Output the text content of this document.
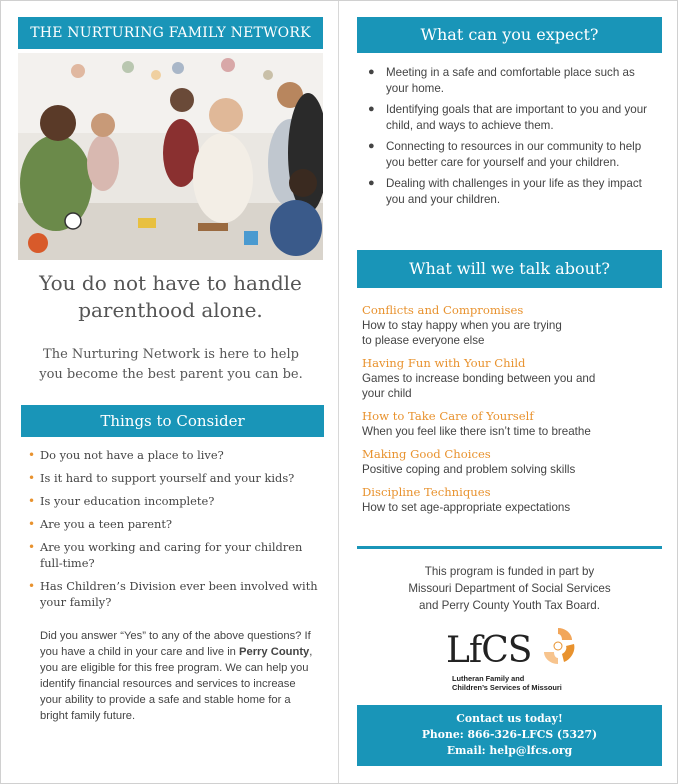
THE NURTURING FAMILY NETWORK
You do not have to handle
parenthood alone.
The Nurturing Network is here to help
you become the best parent you can be.
Things to Consider
• Do you not have a place to live?
• Is it hard to support yourself and your kids?
• Is your education incomplete?
• Are you a teen parent?
• Are you working and caring for your children full-time?
• Has Children’s Division ever been involved with your family?

Did you answer “Yes” to any of the above questions? If you have a child in your care and live in Perry County, you are eligible for this free program. We can help you identify financial resources and services to increase your ability to provide a safe and stable home for a bright family future.

What can you expect?
● Meeting in a safe and comfortable place such as your home.
● Identifying goals that are important to you and your child, and ways to achieve them.
● Connecting to resources in our community to help you better care for yourself and your children.
● Dealing with challenges in your life as they impact you and your children.
What will we talk about?
Conflicts and Compromises
How to stay happy when you are trying
to please everyone else
Having Fun with Your Child
Games to increase bonding between you and
your child
How to Take Care of Yourself
When you feel like there isn’t time to breathe
Making Good Choices
Positive coping and problem solving skills
Discipline Techniques
How to set age-appropriate expectations
This program is funded in part by
Missouri Department of Social Services
and Perry County Youth Tax Board.
LfCS
Lutheran Family and
Children’s Services of Missouri
Contact us today!
Phone: 866-326-LFCS (5327)
Email: help@lfcs.org
